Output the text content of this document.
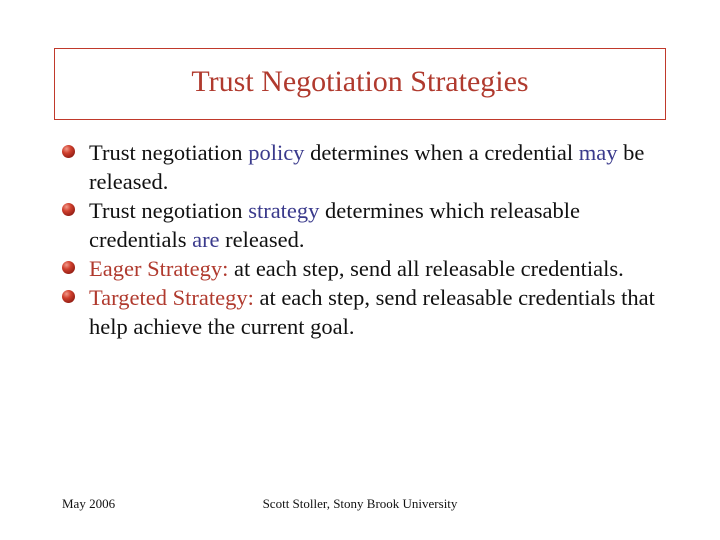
Trust Negotiation Strategies
Trust negotiation policy determines when a credential may be released.
Trust negotiation strategy determines which releasable credentials are released.
Eager Strategy: at each step, send all releasable credentials.
Targeted Strategy: at each step, send releasable credentials that help achieve the current goal.
May 2006	Scott Stoller, Stony Brook University
